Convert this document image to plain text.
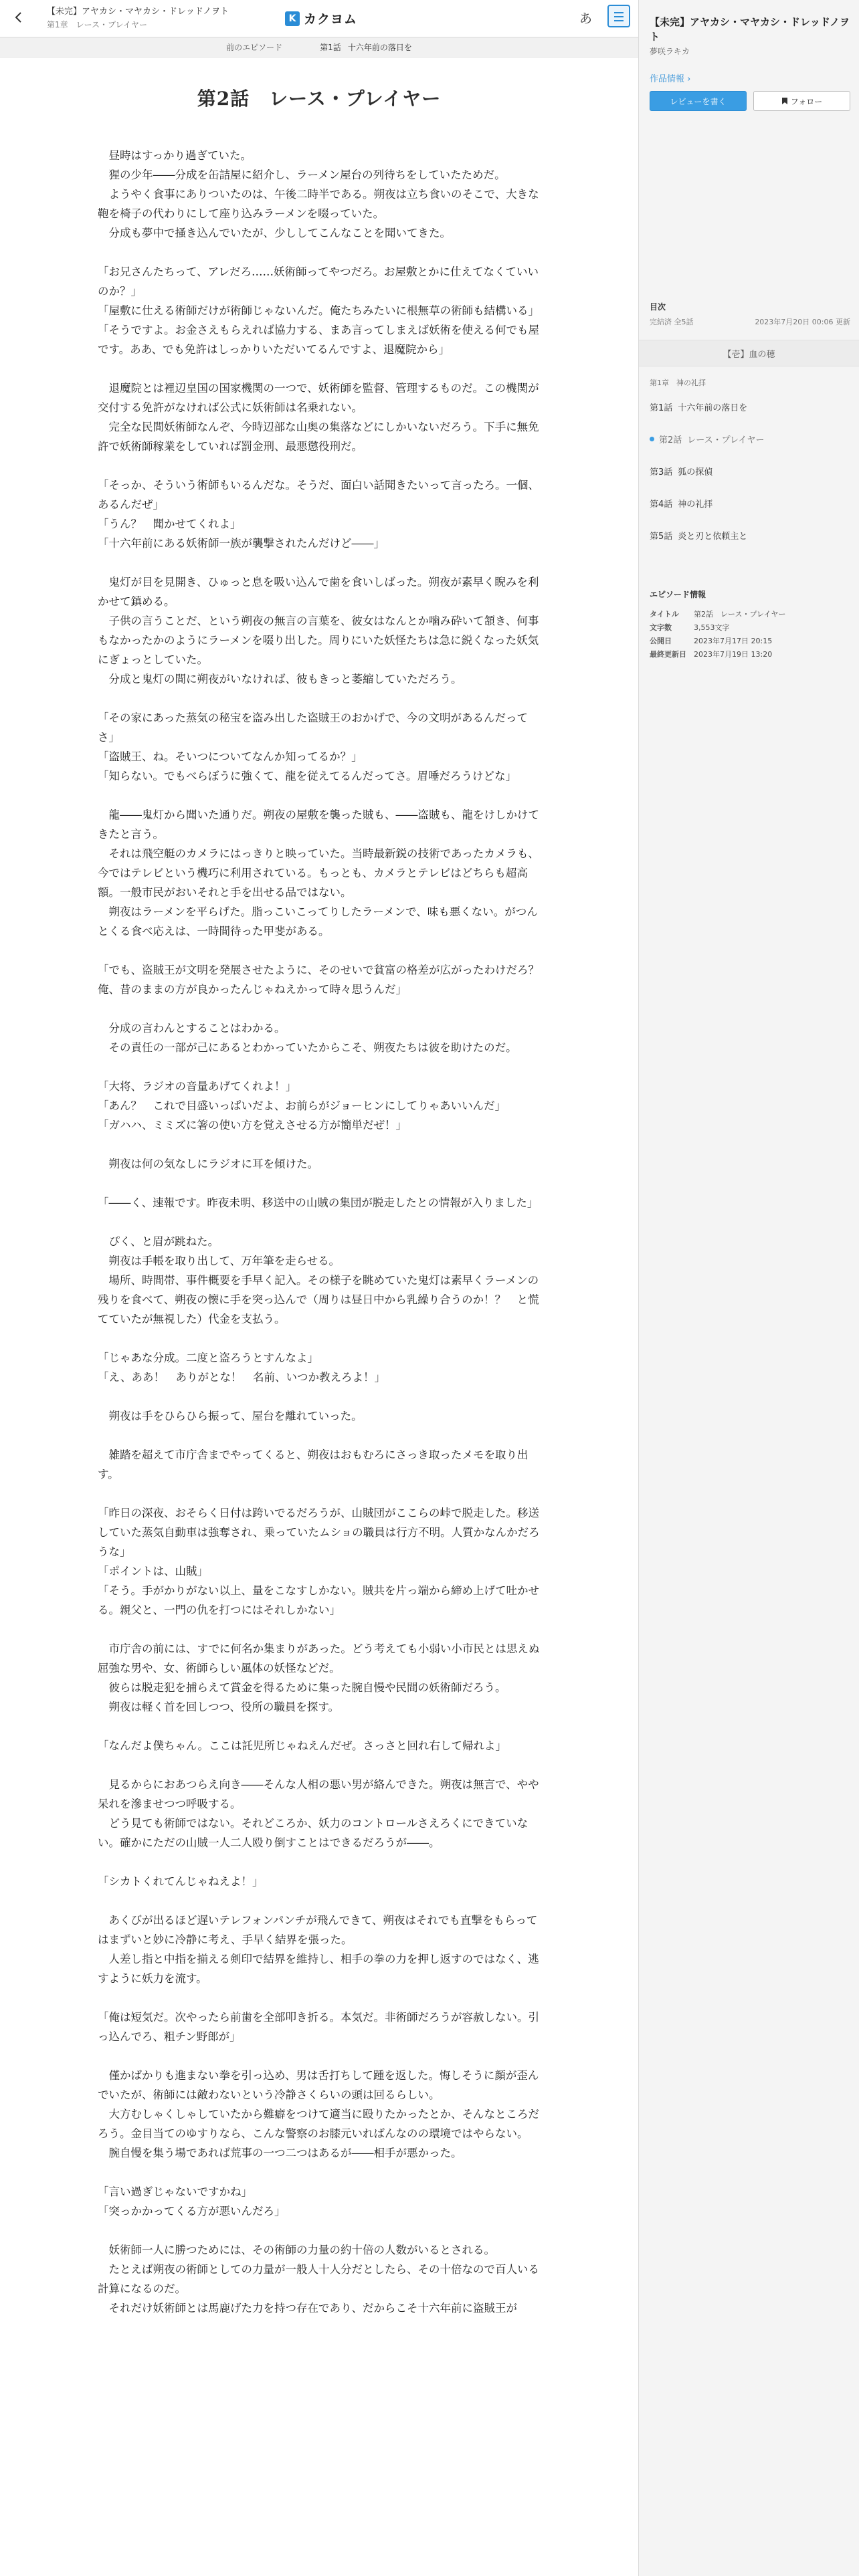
【未完】アヤカシ・マヤカシ・ドレッドノヲト
第1章　レース・プレイヤー
K カクヨム	あ
前のエピソード	第1話 十六年前の落日を
第2話　レース・プレイヤー

　昼時はすっかり過ぎていた。

　猩の少年――分成を缶詰屋に紹介し、ラーメン屋台の列待ちをしていたためだ。

　ようやく食事にありついたのは、午後二時半である。朔夜は立ち食いのそこで、大きな鞄を椅子の代わりにして座り込みラーメンを啜っていた。

　分成も夢中で掻き込んでいたが、少ししてこんなことを聞いてきた。

「お兄さんたちって、アレだろ……妖術師ってやつだろ。お屋敷とかに仕えてなくていいのか？」

「屋敷に仕える術師だけが術師じゃないんだ。俺たちみたいに根無草の術師も結構いる」

「そうですよ。お金さえもらえれば協力する、まあ言ってしまえば妖術を使える何でも屋です。ああ、でも免許はしっかりいただいてるんですよ、退魔院から」

　退魔院とは裡辺皇国の国家機関の一つで、妖術師を監督、管理するものだ。この機関が交付する免許がなければ公式に妖術師は名乗れない。

　完全な民間妖術師なんぞ、今時辺部な山奥の集落などにしかいないだろう。下手に無免許で妖術師稼業をしていれば罰金刑、最悪懲役刑だ。

「そっか、そういう術師もいるんだな。そうだ、面白い話聞きたいって言ったろ。一個、あるんだぜ」

「うん？　聞かせてくれよ」

「十六年前にある妖術師一族が襲撃されたんだけど――」

　鬼灯が目を見開き、ひゅっと息を吸い込んで歯を食いしばった。朔夜が素早く睨みを利かせて鎮める。

　子供の言うことだ、という朔夜の無言の言葉を、彼女はなんとか噛み砕いて頷き、何事もなかったかのようにラーメンを啜り出した。周りにいた妖怪たちは急に鋭くなった妖気にぎょっとしていた。

　分成と鬼灯の間に朔夜がいなければ、彼もきっと萎縮していただろう。

「その家にあった蒸気の秘宝を盗み出した盗賊王のおかげで、今の文明があるんだってさ」

「盗賊王、ね。そいつについてなんか知ってるか？」

「知らない。でもべらぼうに強くて、龍を従えてるんだってさ。眉唾だろうけどな」

　龍――鬼灯から聞いた通りだ。朔夜の屋敷を襲った賊も、――盗賊も、龍をけしかけてきたと言う。

　それは飛空艇のカメラにはっきりと映っていた。当時最新鋭の技術であったカメラも、今ではテレビという機巧に利用されている。もっとも、カメラとテレビはどちらも超高額。一般市民がおいそれと手を出せる品ではない。

　朔夜はラーメンを平らげた。脂っこいこってりしたラーメンで、味も悪くない。がつんとくる食べ応えは、一時間待った甲斐がある。

「でも、盗賊王が文明を発展させたように、そのせいで貧富の格差が広がったわけだろ？　俺、昔のままの方が良かったんじゃねえかって時々思うんだ」

　分成の言わんとすることはわかる。

　その責任の一部が己にあるとわかっていたからこそ、朔夜たちは彼を助けたのだ。

「大将、ラジオの音量あげてくれよ！」

「あん？　これで目盛いっぱいだよ、お前らがジョーヒンにしてりゃあいいんだ」

「ガハハ、ミミズに箸の使い方を覚えさせる方が簡単だぜ！」

　朔夜は何の気なしにラジオに耳を傾けた。

「――く、速報です。昨夜未明、移送中の山賊の集団が脱走したとの情報が入りました」

　ぴく、と眉が跳ねた。

　朔夜は手帳を取り出して、万年筆を走らせる。

　場所、時間帯、事件概要を手早く記入。その様子を眺めていた鬼灯は素早くラーメンの残りを食べて、朔夜の懐に手を突っ込んで（周りは昼日中から乳繰り合うのか！？　と慌てていたが無視した）代金を支払う。

「じゃあな分成。二度と盗ろうとすんなよ」

「え、ああ！　ありがとな！　名前、いつか教えろよ！」

　朔夜は手をひらひら振って、屋台を離れていった。

　雑踏を超えて市庁舎までやってくると、朔夜はおもむろにさっき取ったメモを取り出す。

「昨日の深夜、おそらく日付は跨いでるだろうが、山賊団がここらの峠で脱走した。移送していた蒸気自動車は強奪され、乗っていたムショの職員は行方不明。人質かなんかだろうな」

「ポイントは、山賊」

「そう。手がかりがない以上、量をこなすしかない。賊共を片っ端から締め上げて吐かせる。親父と、一門の仇を打つにはそれしかない」

　市庁舎の前には、すでに何名か集まりがあった。どう考えても小弱い小市民とは思えぬ屈強な男や、女、術師らしい風体の妖怪などだ。

　彼らは脱走犯を捕らえて賞金を得るために集った腕自慢や民間の妖術師だろう。

　朔夜は軽く首を回しつつ、役所の職員を探す。

「なんだよ僕ちゃん。ここは託児所じゃねえんだぜ。さっさと回れ右して帰れよ」

　見るからにおあつらえ向き――そんな人相の悪い男が絡んできた。朔夜は無言で、やや呆れを滲ませつつ呼吸する。

　どう見ても術師ではない。それどころか、妖力のコントロールさえろくにできていない。確かにただの山賊一人二人殴り倒すことはできるだろうが――。

「シカトくれてんじゃねえよ！」

　あくびが出るほど遅いテレフォンパンチが飛んできて、朔夜はそれでも直撃をもらってはまずいと妙に冷静に考え、手早く結界を張った。

　人差し指と中指を揃える剣印で結界を維持し、相手の拳の力を押し返すのではなく、逃すように妖力を流す。

「俺は短気だ。次やったら前歯を全部叩き折る。本気だ。非術師だろうが容赦しない。引っ込んでろ、粗チン野郎が」

　僅かばかりも進まない拳を引っ込め、男は舌打ちして踵を返した。悔しそうに顔が歪んでいたが、術師には敵わないという冷静さくらいの頭は回るらしい。

　大方むしゃくしゃしていたから難癖をつけて適当に殴りたかったとか、そんなところだろう。金目当てのゆすりなら、こんな警察のお膝元いればんなのの環境ではやらない。

　腕自慢を集う場であれば荒事の一つ二つはあるが――相手が悪かった。

「言い過ぎじゃないですかね」

「突っかかってくる方が悪いんだろ」

　妖術師一人に勝つためには、その術師の力量の約十倍の人数がいるとされる。

　たとえば朔夜の術師としての力量が一般人十人分だとしたら、その十倍なので百人いる計算になるのだ。

　それだけ妖術師とは馬鹿げた力を持つ存在であり、だからこそ十六年前に盗賊王が

【未完】アヤカシ・マヤカシ・ドレッドノヲト
夢咲ラキカ
作品情報 ›
レビューを書く	フォロー
目次
完結済 全5話	2023年7月20日 00:06 更新
【壱】血の穂
第1章　神の礼拝
第1話 十六年前の落日を
第2話 レース・プレイヤー
第3話 狐の探偵
第4話 神の礼拝
第5話 炎と刃と依頼主と
エピソード情報
タイトル	第2話　レース・プレイヤー
文字数	3,553文字
公開日	2023年7月17日 20:15
最終更新日	2023年7月19日 13:20
